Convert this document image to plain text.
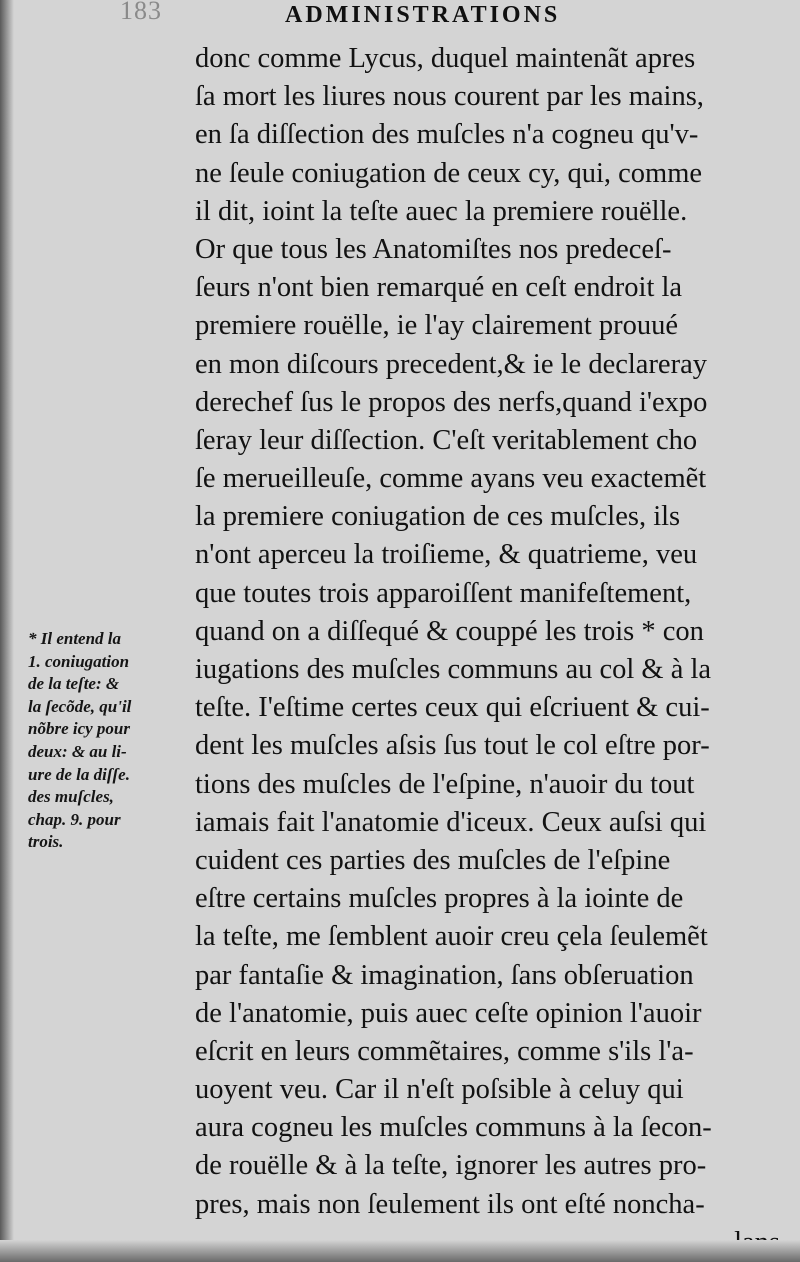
183	ADMINISTRATIONS
donc comme Lycus, duquel maintenãt apres
ſa mort les liures nous courent par les mains,
en ſa diſſection des muſcles n'a cogneu qu'v-
ne ſeule coniugation de ceux cy, qui, comme
il dit, ioint la teſte auec la premiere rouëlle.
Or que tous les Anatomiſtes nos predeceſ-
ſeurs n'ont bien remarqué en ceſt endroit la
premiere rouëlle, ie l'ay clairement prouué
en mon diſcours precedent,& ie le declareray
derechef ſus le propos des nerfs,quand i'expo
ſeray leur diſſection. C'eſt veritablement cho
ſe merueilleuſe, comme ayans veu exactemẽt
la premiere coniugation de ces muſcles, ils
n'ont aperceu la troiſieme, & quatrieme, veu
que toutes trois apparoiſſent manifeſtement,
quand on a diſſequé & couppé les trois * con
iugations des muſcles communs au col & à la
teſte. I'eſtime certes ceux qui eſcriuent & cui-
dent les muſcles aſsis ſus tout le col eſtre por-
tions des muſcles de l'eſpine, n'auoir du tout
iamais fait l'anatomie d'iceux. Ceux auſsi qui
cuident ces parties des muſcles de l'eſpine
eſtre certains muſcles propres à la iointe de
la teſte, me ſemblent auoir creu çela ſeulemẽt
par fantaſie & imagination, ſans obſeruation
de l'anatomie, puis auec ceſte opinion l'auoir
eſcrit en leurs commẽtaires, comme s'ils l'a-
uoyent veu. Car il n'eſt poſsible à celuy qui
aura cogneu les muſcles communs à la ſecon-
de rouëlle & à la teſte, ignorer les autres pro-
pres, mais non ſeulement ils ont eſté noncha-
* Il entend la
1. coniugation
de la teſte: &
la ſecõde, qu'il
nõbre icy pour
deux: & au li-
ure de la diſſe.
des muſcles,
chap. 9. pour
trois.
